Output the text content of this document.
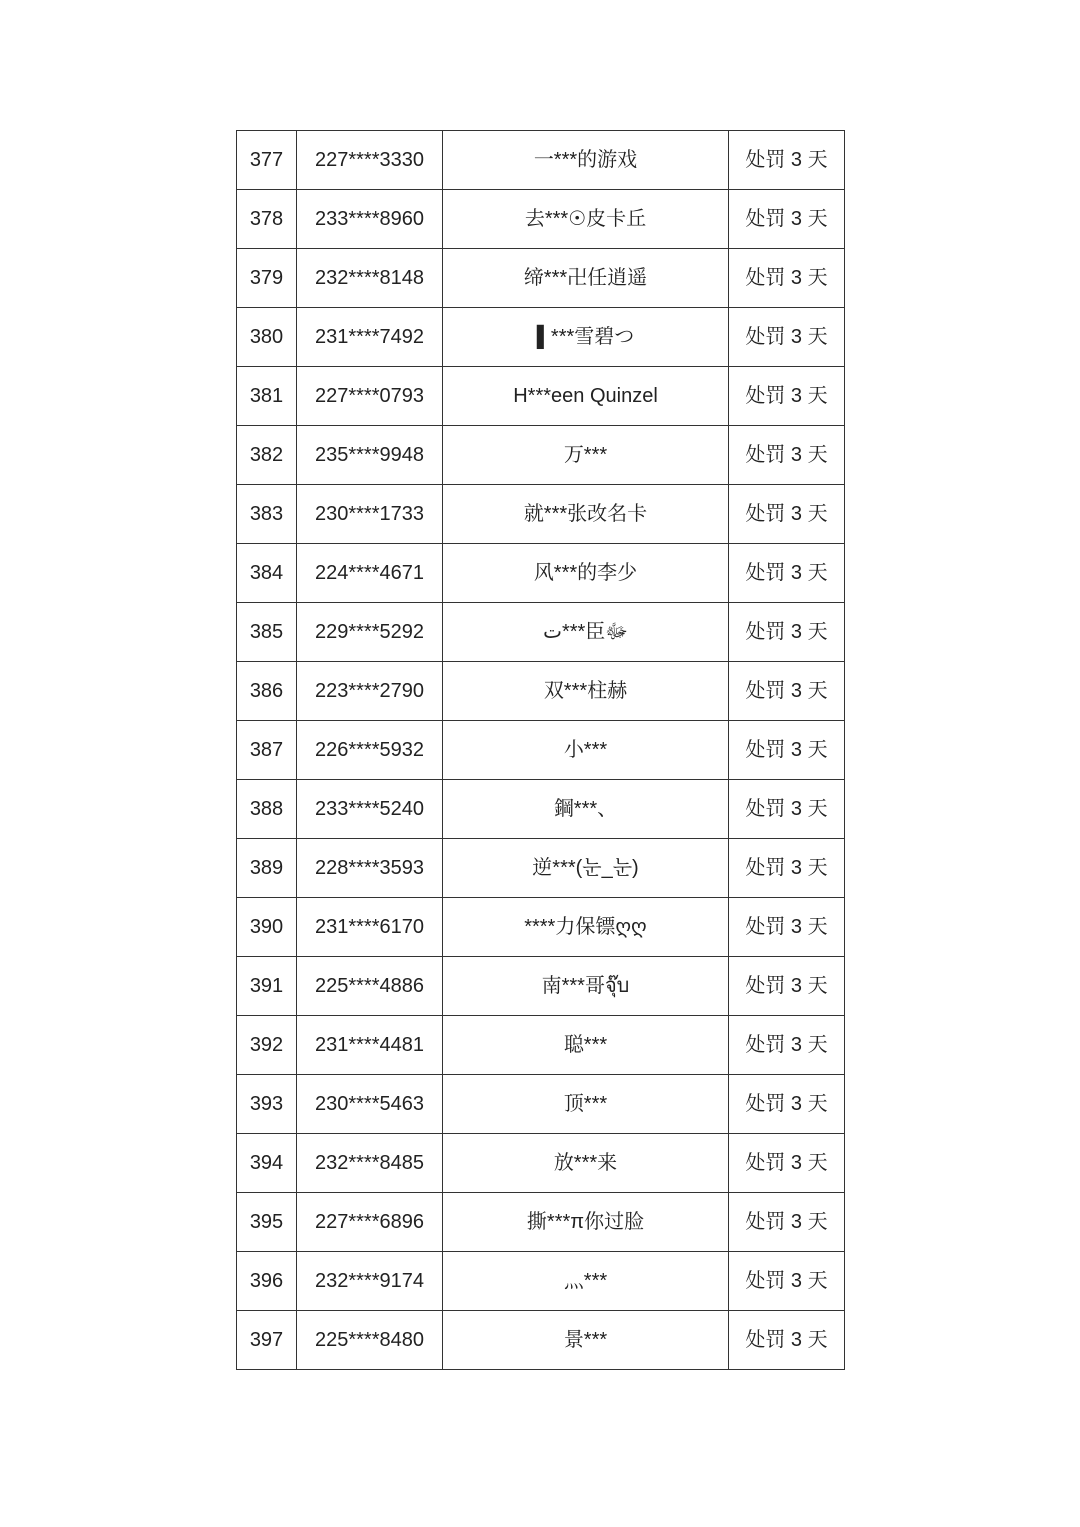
377	227****3330	一***的游戏	处罚 3 天
378	233****8960	去***☉皮卡丘	处罚 3 天
379	232****8148	缔***卍任逍遥	处罚 3 天
380	231****7492	▌***雪碧つ	处罚 3 天
381	227****0793	H***een Quinzel	处罚 3 天
382	235****9948	万***	处罚 3 天
383	230****1733	就***张改名卡	处罚 3 天
384	224****4671	风***的李少	处罚 3 天
385	229****5292	ت***臣ﷻ	处罚 3 天
386	223****2790	双***柱赫	处罚 3 天
387	226****5932	小***	处罚 3 天
388	233****5240	鋼***、	处罚 3 天
389	228****3593	逆***(눈_눈)	处罚 3 天
390	231****6170	****力保镖ღღ	处罚 3 天
391	225****4886	南***哥จุ๊บ	处罚 3 天
392	231****4481	聪***	处罚 3 天
393	230****5463	顶***	处罚 3 天
394	232****8485	放***来	处罚 3 天
395	227****6896	撕***π你过脸	处罚 3 天
396	232****9174	灬***	处罚 3 天
397	225****8480	景***	处罚 3 天
